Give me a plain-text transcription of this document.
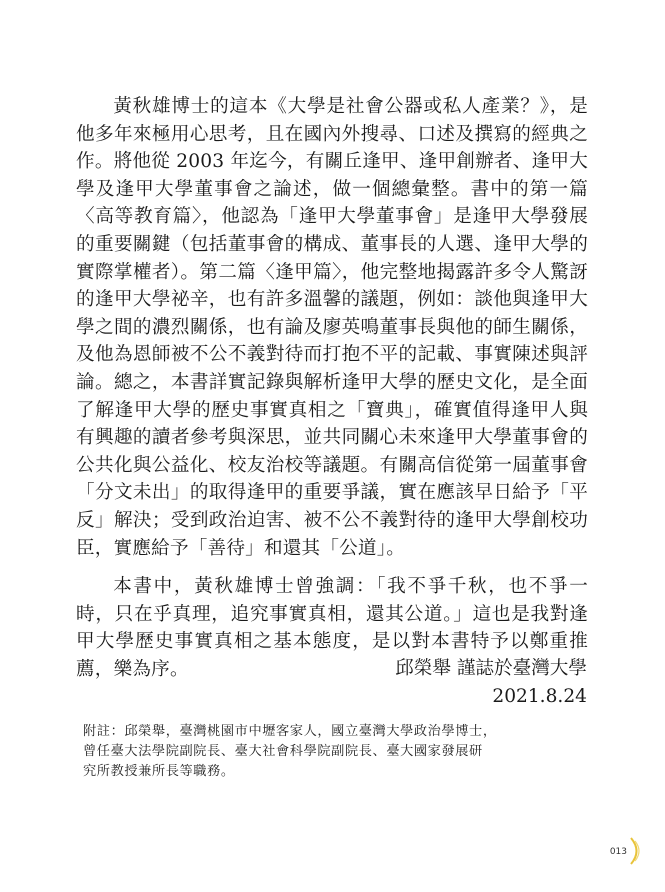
黃秋雄博士的這本《大學是社會公器或私人產業？》，是他多年來極用心思考，且在國內外搜尋、口述及撰寫的經典之作。將他從 2003 年迄今，有關丘逢甲、逢甲創辦者、逢甲大學及逢甲大學董事會之論述，做一個總彙整。書中的第一篇〈高等教育篇〉，他認為「逢甲大學董事會」是逢甲大學發展的重要關鍵（包括董事會的構成、董事長的人選、逢甲大學的實際掌權者）。第二篇〈逢甲篇〉，他完整地揭露許多令人驚訝的逢甲大學祕辛，也有許多溫馨的議題，例如：談他與逢甲大學之間的濃烈關係，也有論及廖英鳴董事長與他的師生關係，及他為恩師被不公不義對待而打抱不平的記載、事實陳述與評論。總之，本書詳實記錄與解析逢甲大學的歷史文化，是全面了解逢甲大學的歷史事實真相之「寶典」，確實值得逢甲人與有興趣的讀者參考與深思，並共同關心未來逢甲大學董事會的公共化與公益化、校友治校等議題。有關高信從第一屆董事會「分文未出」的取得逢甲的重要爭議，實在應該早日給予「平反」解決；受到政治迫害、被不公不義對待的逢甲大學創校功臣，實應給予「善待」和還其「公道」。

本書中，黃秋雄博士曾強調：「我不爭千秋，也不爭一時，只在乎真理，追究事實真相，還其公道。」這也是我對逢甲大學歷史事實真相之基本態度，是以對本書特予以鄭重推薦，樂為序。	邱榮舉 謹誌於臺灣大學
2021.8.24
附註：邱榮舉，臺灣桃園市中壢客家人，國立臺灣大學政治學博士，
曾任臺大法學院副院長、臺大社會科學院副院長、臺大國家發展研
究所教授兼所長等職務。
013
